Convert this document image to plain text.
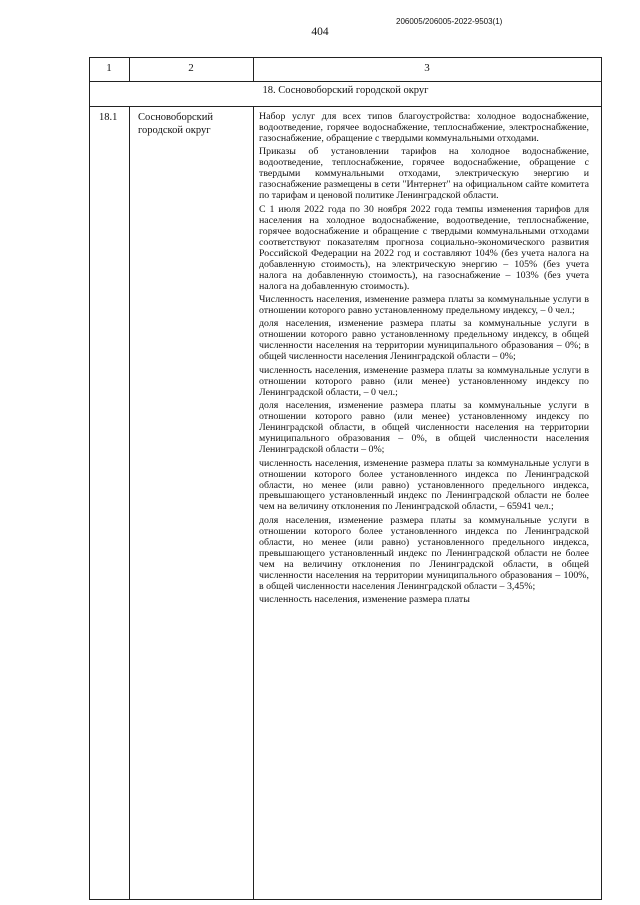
404
206005/206005-2022-9503(1)
1	2	3
18. Сосновоборский городской округ
18.1 Сосновоборский городской округ

Набор услуг для всех типов благоустройства: холодное водоснабжение, водоотведение, горячее водоснабжение, теплоснабжение, электроснабжение, газоснабжение, обращение с твердыми коммунальными отходами.

Приказы об установлении тарифов на холодное водоснабжение, водоотведение, теплоснабжение, горячее водоснабжение, обращение с твердыми коммунальными отходами, электрическую энергию и газоснабжение размещены в сети "Интернет" на официальном сайте комитета по тарифам и ценовой политике Ленинградской области.

С 1 июля 2022 года по 30 ноября 2022 года темпы изменения тарифов для населения на холодное водоснабжение, водоотведение, теплоснабжение, горячее водоснабжение и обращение с твердыми коммунальными отходами соответствуют показателям прогноза социально-экономического развития Российской Федерации на 2022 год и составляют 104% (без учета налога на добавленную стоимость), на электрическую энергию – 105% (без учета налога на добавленную стоимость), на газоснабжение – 103% (без учета налога на добавленную стоимость).

Численность населения, изменение размера платы за коммунальные услуги в отношении которого равно установленному предельному индексу, – 0 чел.;

доля населения, изменение размера платы за коммунальные услуги в отношении которого равно установленному предельному индексу, в общей численности населения на территории муниципального образования – 0%; в общей численности населения Ленинградской области – 0%;

численность населения, изменение размера платы за коммунальные услуги в отношении которого равно (или менее) установленному индексу по Ленинградской области, – 0 чел.;

доля населения, изменение размера платы за коммунальные услуги в отношении которого равно (или менее) установленному индексу по Ленинградской области, в общей численности населения на территории муниципального образования – 0%, в общей численности населения Ленинградской области – 0%;

численность населения, изменение размера платы за коммунальные услуги в отношении которого более установленного индекса по Ленинградской области, но менее (или равно) установленного предельного индекса, превышающего установленный индекс по Ленинградской области не более чем на величину отклонения по Ленинградской области, – 65941 чел.;

доля населения, изменение размера платы за коммунальные услуги в отношении которого более установленного индекса по Ленинградской области, но менее (или равно) установленного предельного индекса, превышающего установленный индекс по Ленинградской области не более чем на величину отклонения по Ленинградской области, в общей численности населения на территории муниципального образования – 100%, в общей численности населения Ленинградской области – 3,45%;

численность населения, изменение размера платы
